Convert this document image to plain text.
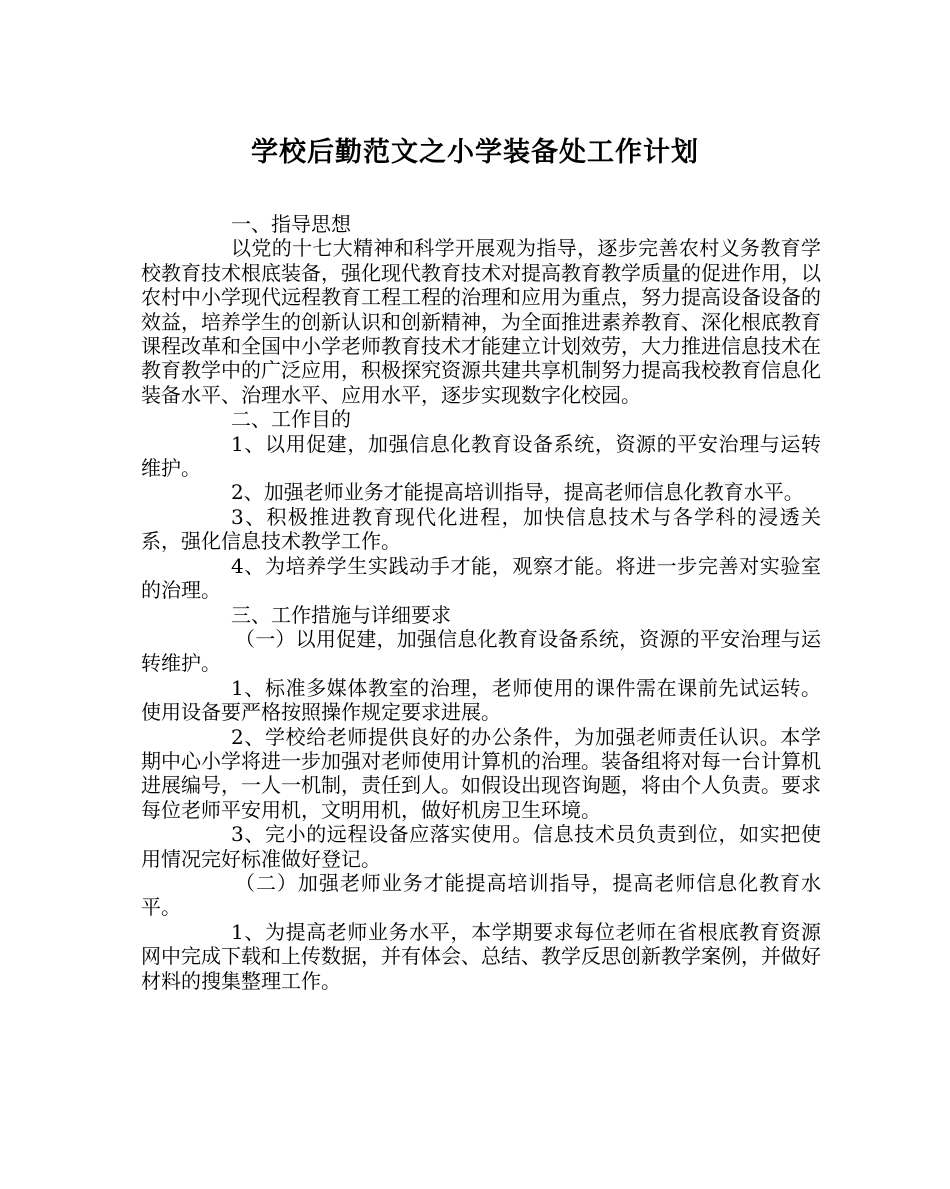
学校后勤范文之小学装备处工作计划

一、指导思想

以党的十七大精神和科学开展观为指导，逐步完善农村义务教育学校教育技术根底装备，强化现代教育技术对提高教育教学质量的促进作用，以农村中小学现代远程教育工程工程的治理和应用为重点，努力提高设备设备的效益，培养学生的创新认识和创新精神，为全面推进素养教育、深化根底教育课程改革和全国中小学老师教育技术才能建立计划效劳，大力推进信息技术在教育教学中的广泛应用，积极探究资源共建共享机制努力提高我校教育信息化装备水平、治理水平、应用水平，逐步实现数字化校园。

二、工作目的

1、以用促建，加强信息化教育设备系统，资源的平安治理与运转维护。

2、加强老师业务才能提高培训指导，提高老师信息化教育水平。

3、积极推进教育现代化进程，加快信息技术与各学科的浸透关系，强化信息技术教学工作。

4、为培养学生实践动手才能，观察才能。将进一步完善对实验室的治理。

三、工作措施与详细要求

（一）以用促建，加强信息化教育设备系统，资源的平安治理与运转维护。

1、标准多媒体教室的治理，老师使用的课件需在课前先试运转。使用设备要严格按照操作规定要求进展。

2、学校给老师提供良好的办公条件，为加强老师责任认识。本学期中心小学将进一步加强对老师使用计算机的治理。装备组将对每一台计算机进展编号，一人一机制，责任到人。如假设出现咨询题，将由个人负责。要求每位老师平安用机，文明用机，做好机房卫生环境。

3、完小的远程设备应落实使用。信息技术员负责到位，如实把使用情况完好标准做好登记。

（二）加强老师业务才能提高培训指导，提高老师信息化教育水平。

1、为提高老师业务水平，本学期要求每位老师在省根底教育资源网中完成下载和上传数据，并有体会、总结、教学反思创新教学案例，并做好材料的搜集整理工作。
